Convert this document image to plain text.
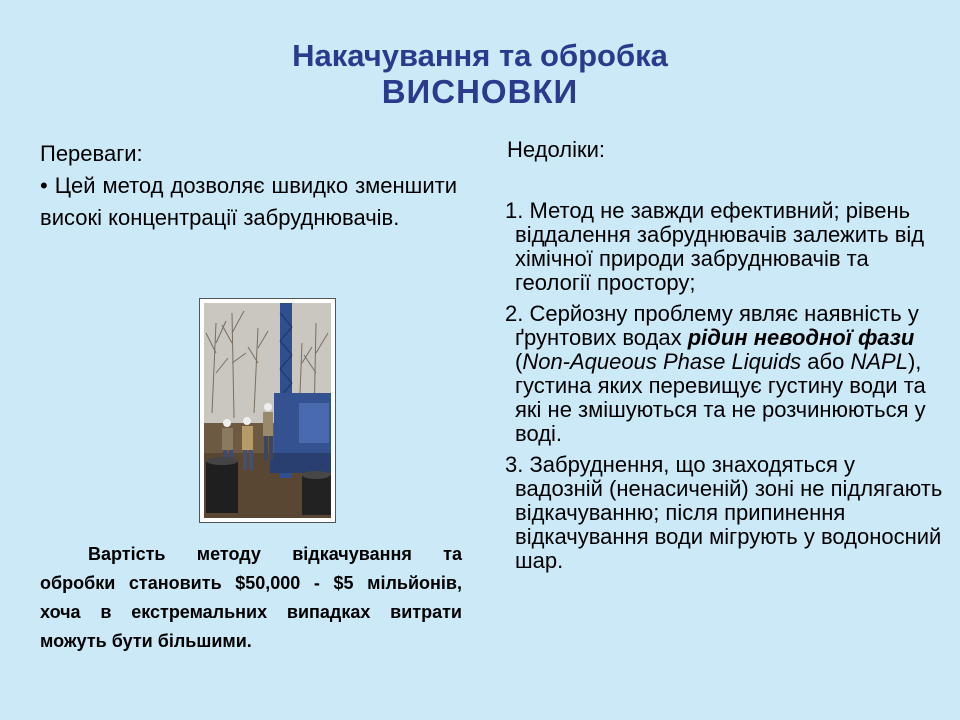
Накачування та обробка
ВИСНОВКИ
Переваги:
• Цей метод дозволяє швидко зменшити високі концентрації забруднювачів.
Вартість методу відкачування та обробки становить $50,000 - $5 мільйонів, хоча в екстремальних випадках витрати можуть бути більшими.
Недоліки:
1. Метод не завжди ефективний; рівень віддалення забруднювачів залежить від хімічної природи забруднювачів та геології простору;
2. Серйозну проблему являє наявність у ґрунтових водах рідин неводної фази (Non-Aqueous Phase Liquids або NAPL), густина яких перевищує густину води та які не змішуються та не розчинюються у воді.
3. Забруднення, що знаходяться у вадозній (ненасиченій) зоні не підлягають відкачуванню; після припинення відкачування води мігрують у водоносний шар.
